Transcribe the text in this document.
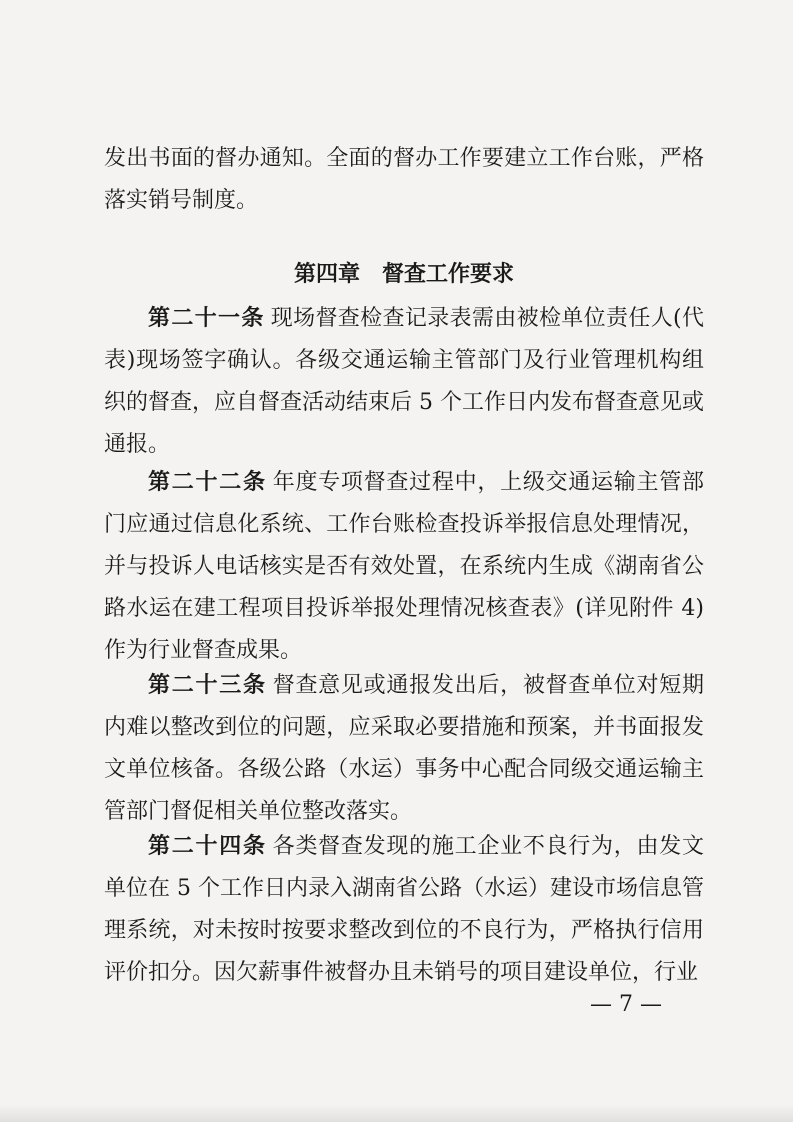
发出书面的督办通知。全面的督办工作要建立工作台账，严格落实销号制度。

第四章 督查工作要求

第二十一条 现场督查检查记录表需由被检单位责任人(代表)现场签字确认。各级交通运输主管部门及行业管理机构组织的督查，应自督查活动结束后 5 个工作日内发布督查意见或通报。

第二十二条 年度专项督查过程中，上级交通运输主管部门应通过信息化系统、工作台账检查投诉举报信息处理情况，并与投诉人电话核实是否有效处置，在系统内生成《湖南省公路水运在建工程项目投诉举报处理情况核查表》(详见附件 4)作为行业督查成果。

第二十三条 督查意见或通报发出后，被督查单位对短期内难以整改到位的问题，应采取必要措施和预案，并书面报发文单位核备。各级公路（水运）事务中心配合同级交通运输主管部门督促相关单位整改落实。

第二十四条 各类督查发现的施工企业不良行为，由发文单位在 5 个工作日内录入湖南省公路（水运）建设市场信息管理系统，对未按时按要求整改到位的不良行为，严格执行信用评价扣分。因欠薪事件被督办且未销号的项目建设单位，行业

— 7 —
